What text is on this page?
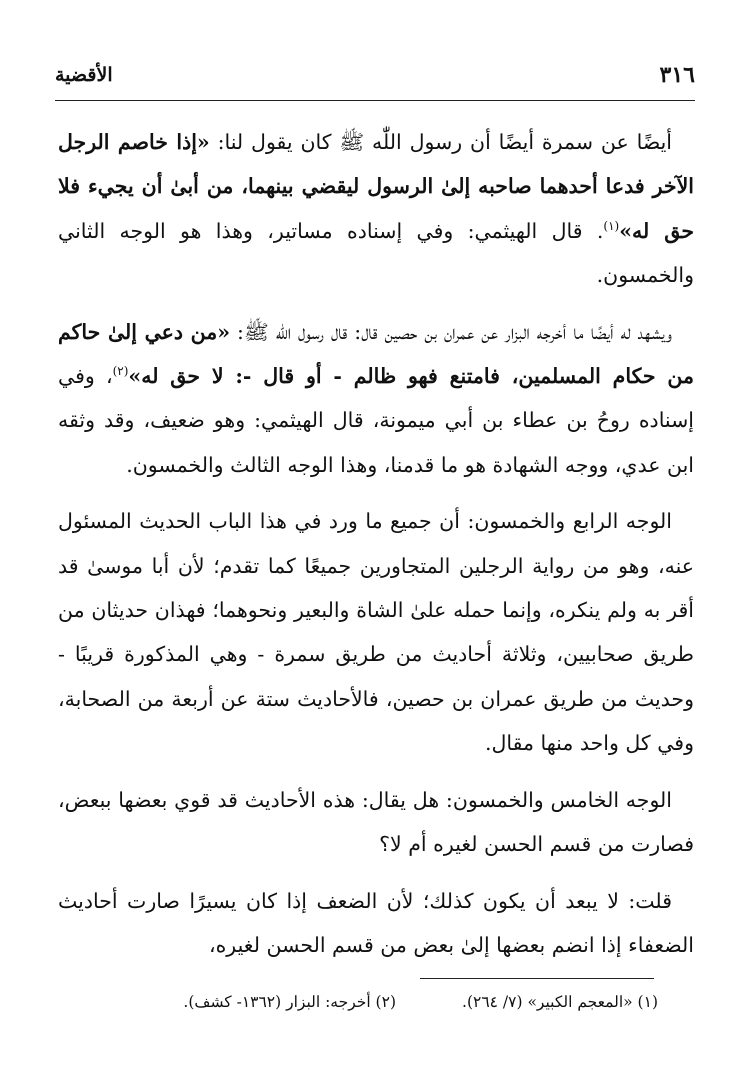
٣١٦
الأقضية

أيضًا عن سمرة أيضًا أن رسول اللّٰه ﷺ كان يقول لنا: «إذا خاصم الرجل الآخر فدعا أحدهما صاحبه إلىٰ الرسول ليقضي بينهما، من أبىٰ أن يجيء فلا حق له»$^{(١)}$. قال الهيثمي: وفي إسناده مساتير، وهذا هو الوجه الثاني والخمسون.

ويشهد له أيضًا ما أخرجه البزار عن عمران بن حصين قال: قال رسول اللّٰه ﷺ: «من دعي إلىٰ حاكم من حكام المسلمين، فامتنع فهو ظالم - أو قال -: لا حق له»$^{(٢)}$، وفي إسناده روحُ بن عطاء بن أبي ميمونة، قال الهيثمي: وهو ضعيف، وقد وثقه ابن عدي، ووجه الشهادة هو ما قدمنا، وهذا الوجه الثالث والخمسون.

الوجه الرابع والخمسون: أن جميع ما ورد في هذا الباب الحديث المسئول عنه، وهو من رواية الرجلين المتجاورين جميعًا كما تقدم؛ لأن أبا موسىٰ قد أقر به ولم ينكره، وإنما حمله علىٰ الشاة والبعير ونحوهما؛ فهذان حديثان من طريق صحابيين، وثلاثة أحاديث من طريق سمرة - وهي المذكورة قريبًا - وحديث من طريق عمران بن حصين، فالأحاديث ستة عن أربعة من الصحابة، وفي كل واحد منها مقال.

الوجه الخامس والخمسون: هل يقال: هذه الأحاديث قد قوي بعضها ببعض، فصارت من قسم الحسن لغيره أم لا؟

قلت: لا يبعد أن يكون كذلك؛ لأن الضعف إذا كان يسيرًا صارت أحاديث الضعفاء إذا انضم بعضها إلىٰ بعض من قسم الحسن لغيره،

(١) «المعجم الكبير» (٧/ ٢٦٤).
(٢) أخرجه: البزار (١٣٦٢- كشف).
